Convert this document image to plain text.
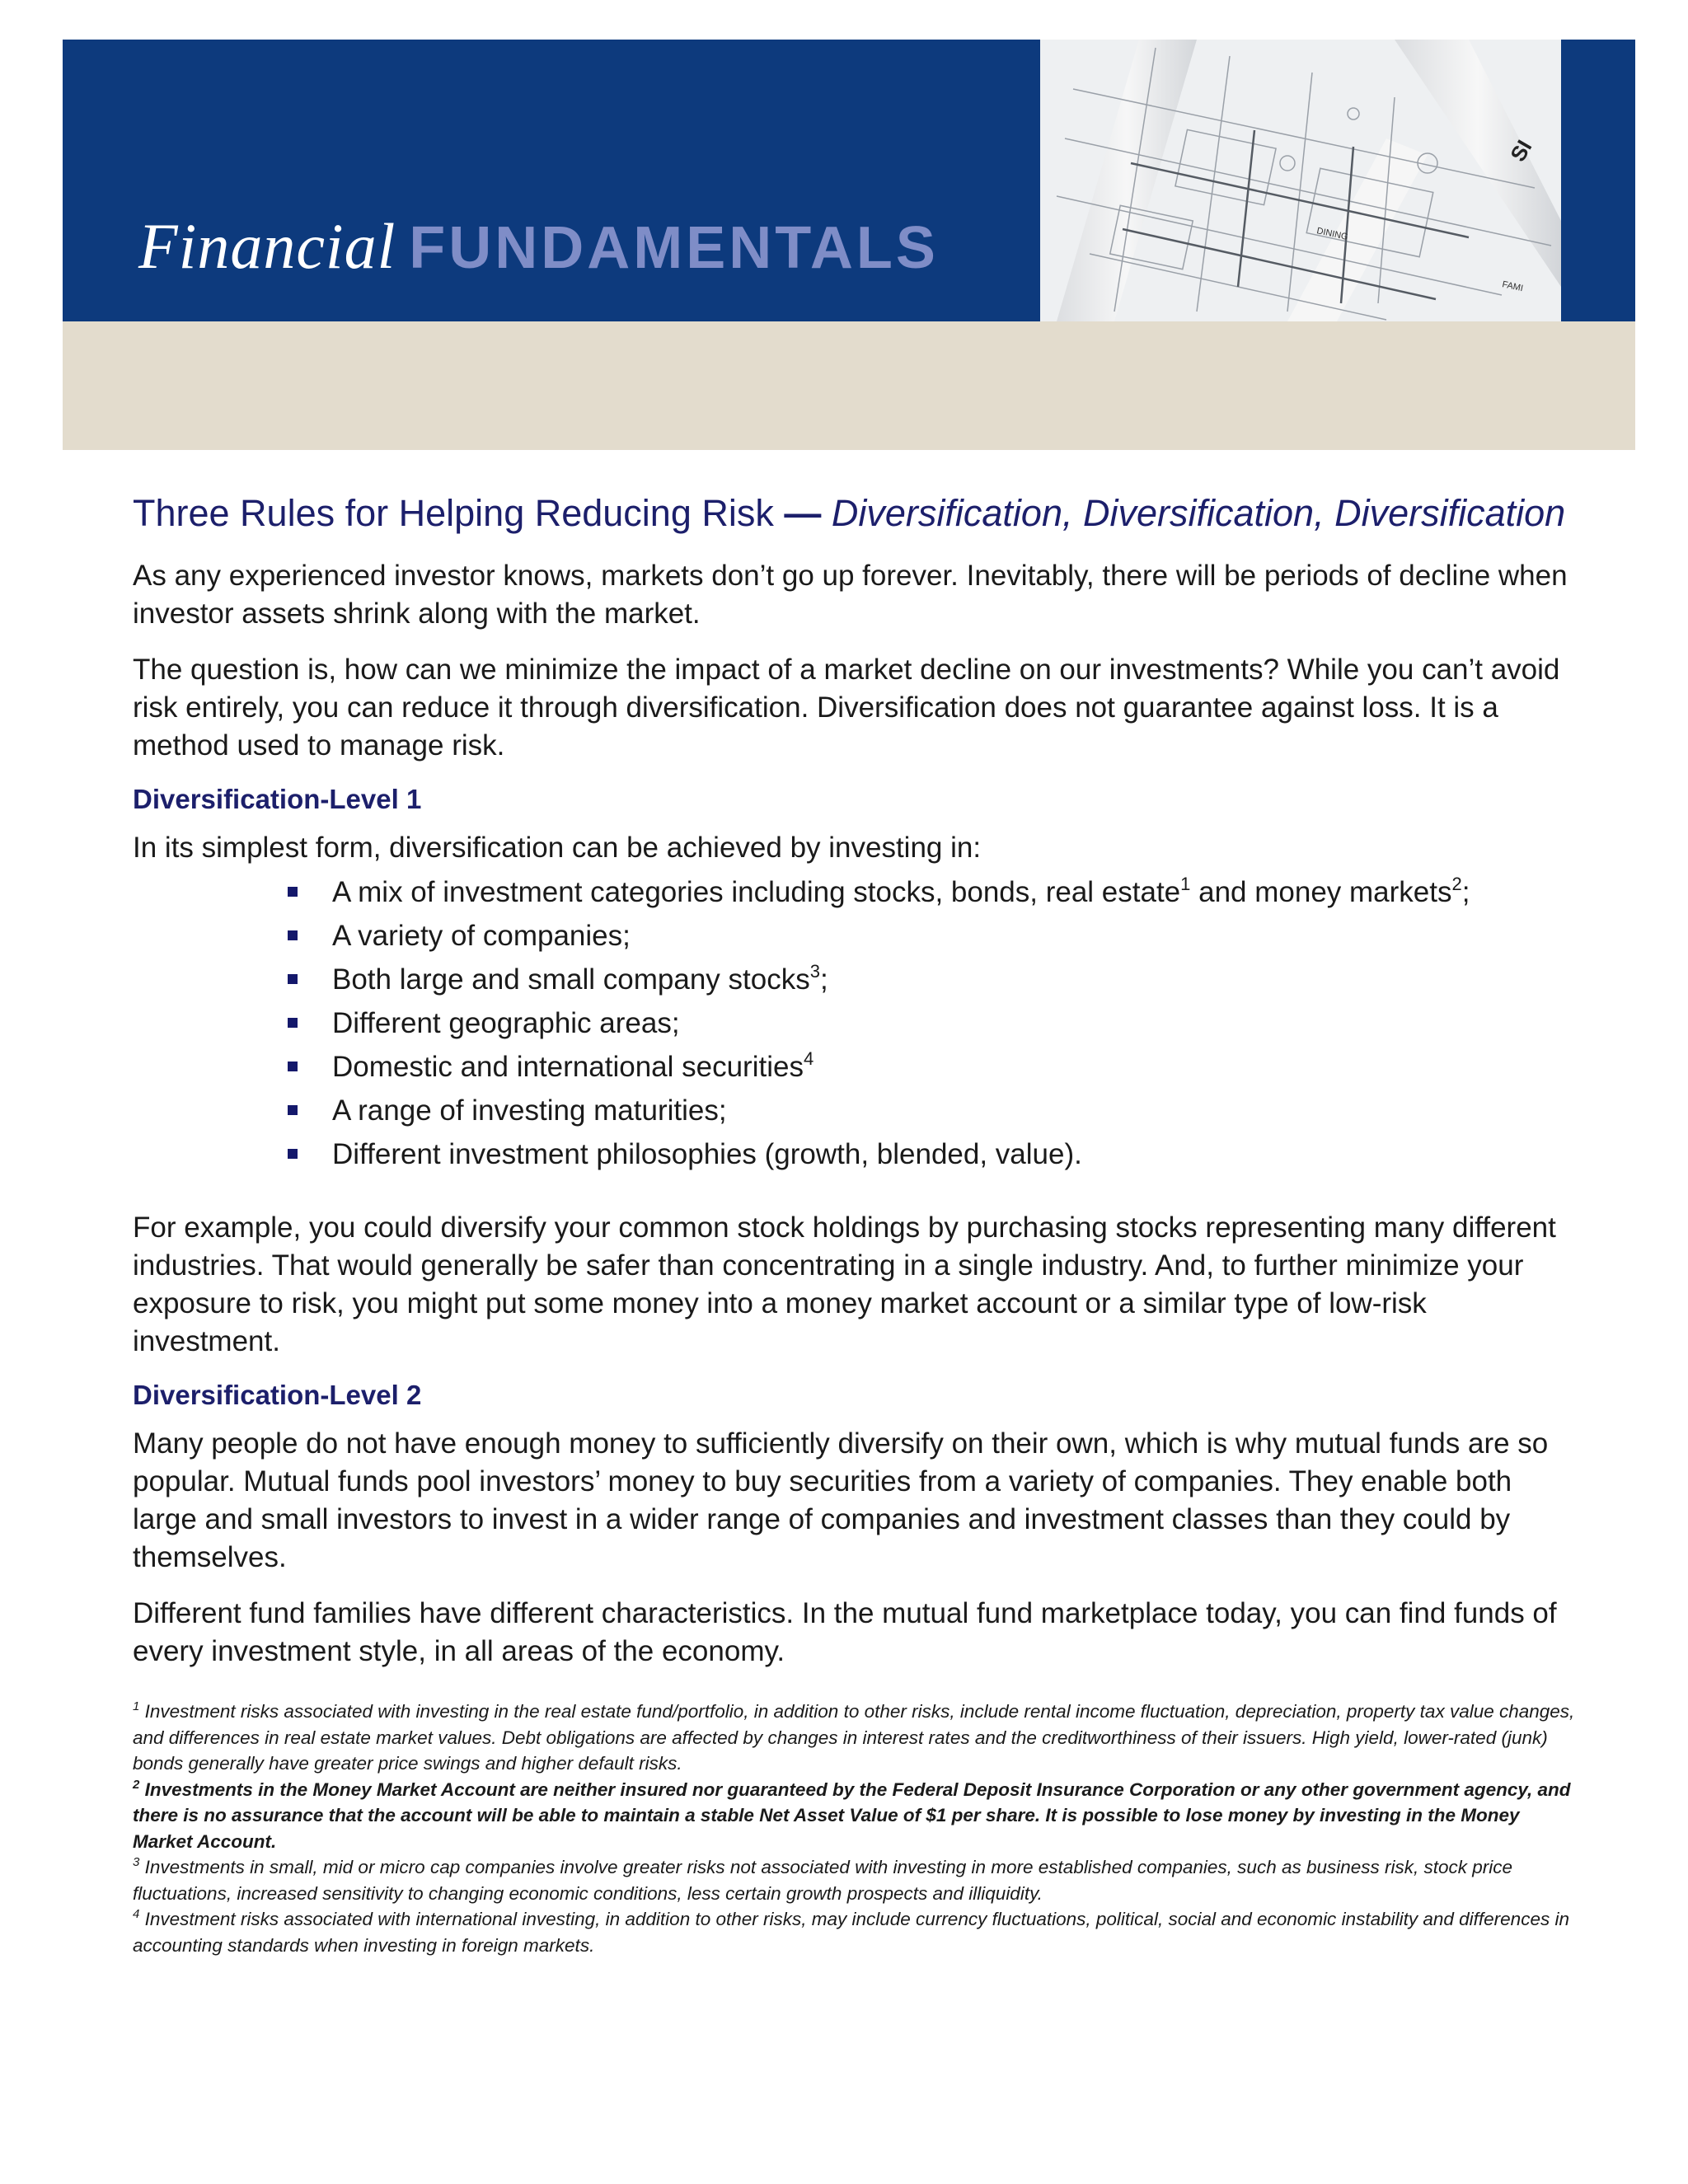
Financial FUNDAMENTALS	DINING
FAMI
SI
Three Rules for Helping Reducing Risk — Diversification, Diversification, Diversification

As any experienced investor knows, markets don’t go up forever. Inevitably, there will be periods of decline when investor assets shrink along with the market.

The question is, how can we minimize the impact of a market decline on our investments? While you can’t avoid risk entirely, you can reduce it through diversification. Diversification does not guarantee against loss. It is a method used to manage risk.

Diversification-Level 1

In its simplest form, diversification can be achieved by investing in:

A mix of investment categories including stocks, bonds, real estate$^1$ and money markets$^2$;
A variety of companies;
Both large and small company stocks$^3$;
Different geographic areas;
Domestic and international securities$^4$
A range of investing maturities;
Different investment philosophies (growth, blended, value).

For example, you could diversify your common stock holdings by purchasing stocks representing many different industries. That would generally be safer than concentrating in a single industry. And, to further minimize your exposure to risk, you might put some money into a money market account or a similar type of low-risk investment.

Diversification-Level 2

Many people do not have enough money to sufficiently diversify on their own, which is why mutual funds are so popular. Mutual funds pool investors’ money to buy securities from a variety of companies. They enable both large and small investors to invest in a wider range of companies and investment classes than they could by themselves.

Different fund families have different characteristics. In the mutual fund marketplace today, you can find funds of every investment style, in all areas of the economy.

$^1$ Investment risks associated with investing in the real estate fund/portfolio, in addition to other risks, include rental income fluctuation, depreciation, property tax value changes, and differences in real estate market values. Debt obligations are affected by changes in interest rates and the creditworthiness of their issuers. High yield, lower-rated (junk) bonds generally have greater price swings and higher default risks.

$^2$ Investments in the Money Market Account are neither insured nor guaranteed by the Federal Deposit Insurance Corporation or any other government agency, and there is no assurance that the account will be able to maintain a stable Net Asset Value of $1 per share. It is possible to lose money by investing in the Money Market Account.

$^3$ Investments in small, mid or micro cap companies involve greater risks not associated with investing in more established companies, such as business risk, stock price fluctuations, increased sensitivity to changing economic conditions, less certain growth prospects and illiquidity.

$^4$ Investment risks associated with international investing, in addition to other risks, may include currency fluctuations, political, social and economic instability and differences in accounting standards when investing in foreign markets.
